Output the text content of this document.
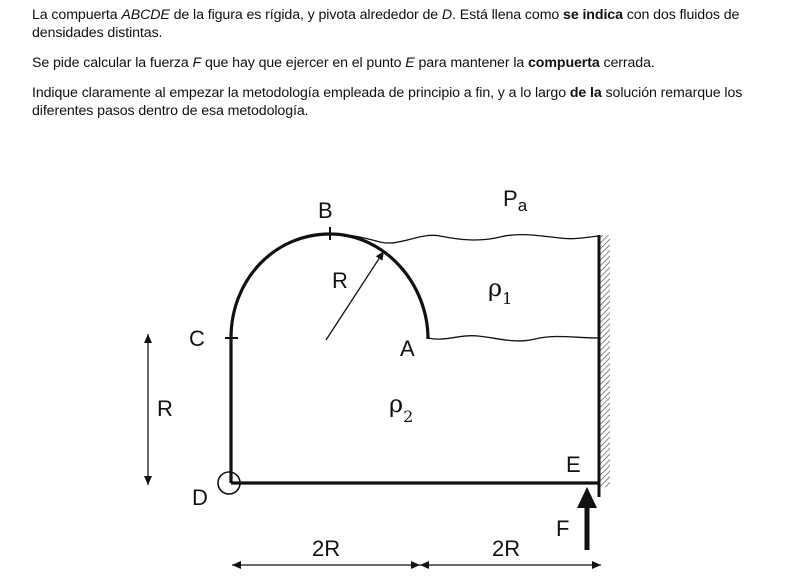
La compuerta ABCDE de la figura es rígida, y pivota alrededor de D. Está llena como se indica con dos fluidos de densidades distintas.

Se pide calcular la fuerza F que hay que ejercer en el punto E para mantener la compuerta cerrada.

Indique claramente al empezar la metodología empleada de principio a fin, y a lo largo de la solución remarque los diferentes pasos dentro de esa metodología.

B
C	A
D
E
R
R
2R	2R
F
Pa
ρ1
ρ2
